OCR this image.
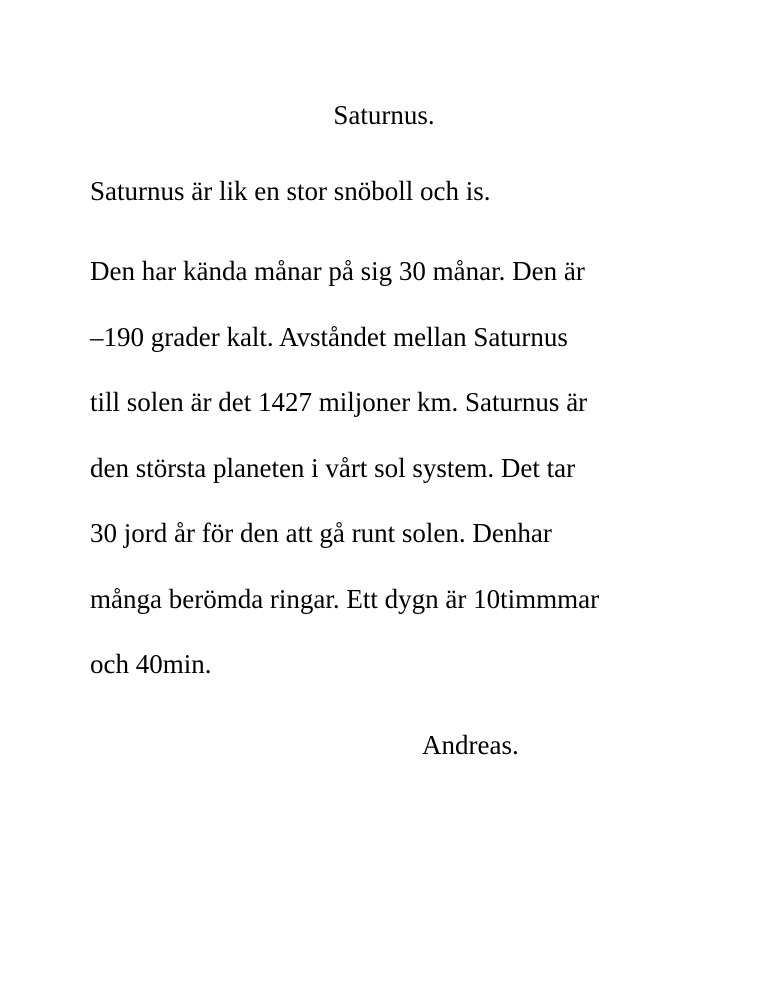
Saturnus.

Saturnus är lik en stor snöboll och is.

Den har kända månar på sig 30 månar. Den är
–190 grader kalt. Avståndet mellan Saturnus
till solen är det 1427 miljoner km. Saturnus är
den största planeten i vårt sol system. Det tar
30 jord år för den att gå runt solen. Denhar
många berömda ringar. Ett dygn är 10timmmar
och 40min.

Andreas.
